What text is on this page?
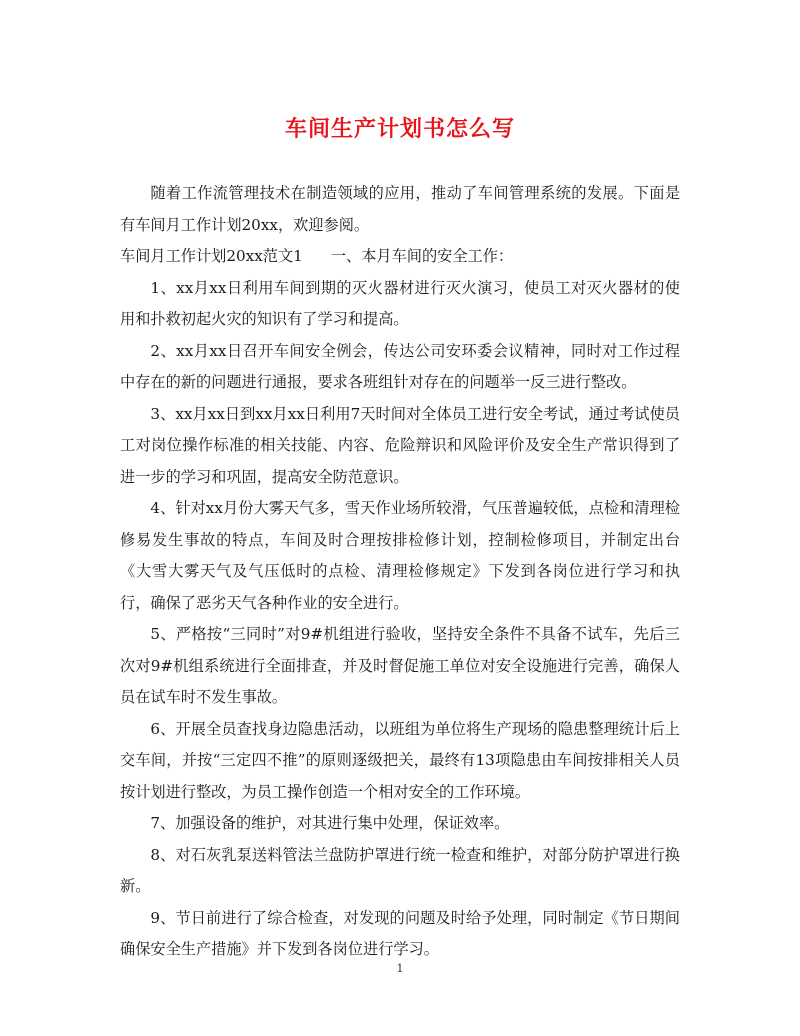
车间生产计划书怎么写

随着工作流管理技术在制造领域的应用，推动了车间管理系统的发展。下面是有车间月工作计划20xx，欢迎参阅。

车间月工作计划20xx范文1 一、本月车间的安全工作：

1、xx月xx日利用车间到期的灭火器材进行灭火演习，使员工对灭火器材的使用和扑救初起火灾的知识有了学习和提高。

2、xx月xx日召开车间安全例会，传达公司安环委会议精神，同时对工作过程中存在的新的问题进行通报，要求各班组针对存在的问题举一反三进行整改。

3、xx月xx日到xx月xx日利用7天时间对全体员工进行安全考试，通过考试使员工对岗位操作标准的相关技能、内容、危险辩识和风险评价及安全生产常识得到了进一步的学习和巩固，提高安全防范意识。

4、针对xx月份大雾天气多，雪天作业场所较滑，气压普遍较低，点检和清理检修易发生事故的特点，车间及时合理按排检修计划，控制检修项目，并制定出台《大雪大雾天气及气压低时的点检、清理检修规定》下发到各岗位进行学习和执行，确保了恶劣天气各种作业的安全进行。

5、严格按“三同时”对9#机组进行验收，坚持安全条件不具备不试车，先后三次对9#机组系统进行全面排查，并及时督促施工单位对安全设施进行完善，确保人员在试车时不发生事故。

6、开展全员查找身边隐患活动，以班组为单位将生产现场的隐患整理统计后上交车间，并按“三定四不推”的原则逐级把关，最终有13项隐患由车间按排相关人员按计划进行整改，为员工操作创造一个相对安全的工作环境。

7、加强设备的维护，对其进行集中处理，保证效率。

8、对石灰乳泵送料管法兰盘防护罩进行统一检查和维护，对部分防护罩进行换新。

9、节日前进行了综合检查，对发现的问题及时给予处理，同时制定《节日期间确保安全生产措施》并下发到各岗位进行学习。

1
